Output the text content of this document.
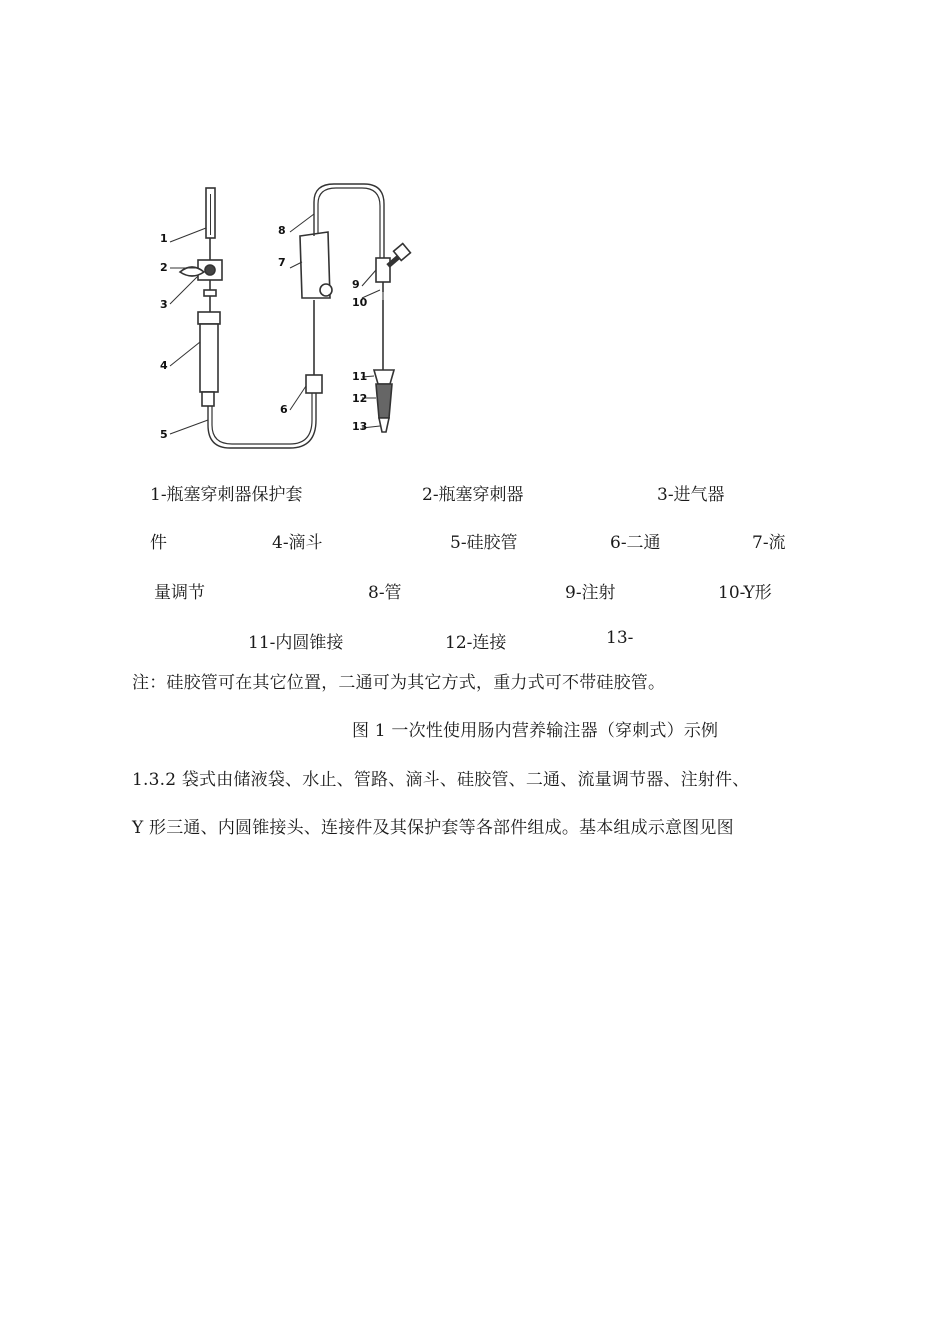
1
2
3
4
5
6
7
8
9
10
11
12
13
1-瓶塞穿刺器保护套	2-瓶塞穿刺器	3-进气器
件	4-滴斗	5-硅胶管	6-二通	7-流
量调节	8-管	9-注射	10-Y形
11-内圆锥接	12-连接	13-
注：硅胶管可在其它位置，二通可为其它方式，重力式可不带硅胶管。
图 1 一次性使用肠内营养输注器（穿刺式）示例
1.3.2 袋式由储液袋、水止、管路、滴斗、硅胶管、二通、流量调节器、注射件、
Y 形三通、内圆锥接头、连接件及其保护套等各部件组成。基本组成示意图见图
